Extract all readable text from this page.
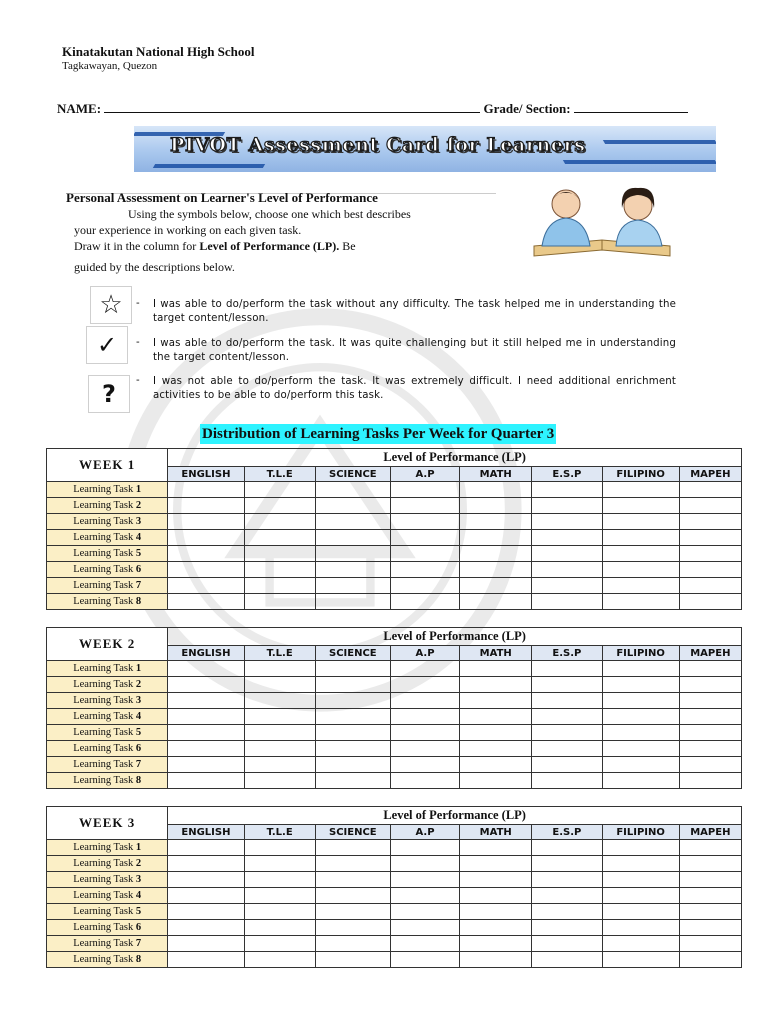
Kinatakutan National High School
Tagkawayan, Quezon
NAME:	Grade/ Section:
PIVOT Assessment Card for Learners
Personal Assessment on Learner's Level of Performance
Using the symbols below, choose one which best describes your experience in working on each given task.
Draw it in the column for Level of Performance (LP). Be
guided by the descriptions below.
☆	- I was able to do/perform the task without any difficulty. The task helped me in understanding the target content/lesson.
✓	- I was able to do/perform the task. It was quite challenging but it still helped me in understanding the target content/lesson.
?	- I was not able to do/perform the task. It was extremely difficult. I need additional enrichment activities to be able to do/perform this task.
Distribution of Learning Tasks Per Week for Quarter 3
WEEK 1	Level of Performance (LP)							
	ENGLISH	T.L.E	SCIENCE	A.P	MATH	E.S.P	FILIPINO	MAPEH
Learning Task 1								
Learning Task 2								
Learning Task 3								
Learning Task 4								
Learning Task 5								
Learning Task 6								
Learning Task 7								
Learning Task 8								
WEEK 2	Level of Performance (LP)							
	ENGLISH	T.L.E	SCIENCE	A.P	MATH	E.S.P	FILIPINO	MAPEH
Learning Task 1								
Learning Task 2								
Learning Task 3								
Learning Task 4								
Learning Task 5								
Learning Task 6								
Learning Task 7								
Learning Task 8								
WEEK 3	Level of Performance (LP)							
	ENGLISH	T.L.E	SCIENCE	A.P	MATH	E.S.P	FILIPINO	MAPEH
Learning Task 1								
Learning Task 2								
Learning Task 3								
Learning Task 4								
Learning Task 5								
Learning Task 6								
Learning Task 7								
Learning Task 8								
